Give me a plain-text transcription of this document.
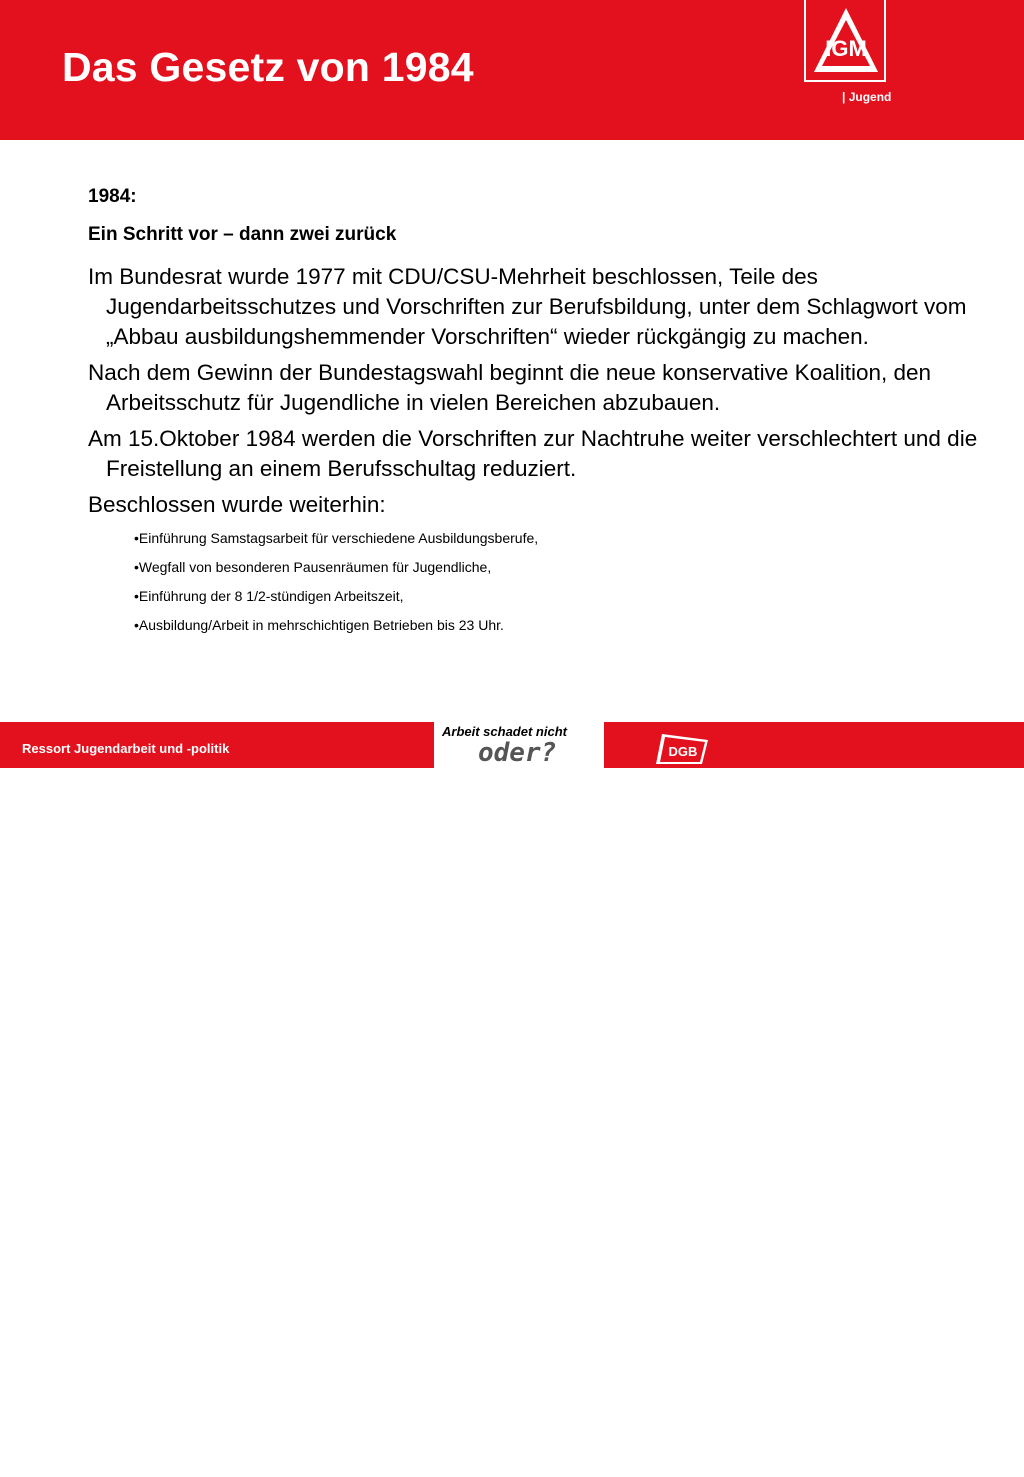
Das Gesetz von 1984	IGM
| Jugend

1984:

Ein Schritt vor – dann zwei zurück

Im Bundesrat wurde 1977 mit CDU/CSU-Mehrheit beschlossen, Teile des Jugendarbeitsschutzes und Vorschriften zur Berufsbildung, unter dem Schlagwort vom „Abbau ausbildungshemmender Vorschriften“ wieder rückgängig zu machen.

Nach dem Gewinn der Bundestagswahl beginnt die neue konservative Koalition, den Arbeitsschutz für Jugendliche in vielen Bereichen abzubauen.

Am 15.Oktober 1984 werden die Vorschriften zur Nachtruhe weiter verschlechtert und die Freistellung an einem Berufsschultag reduziert.

Beschlossen wurde weiterhin:

•Einführung Samstagsarbeit für verschiedene Ausbildungsberufe,
•Wegfall von besonderen Pausenräumen für Jugendliche,
•Einführung der 8 1/2-stündigen Arbeitszeit,
•Ausbildung/Arbeit in mehrschichtigen Betrieben bis 23 Uhr.
Ressort Jugendarbeit und -politik
8
Arbeit schadet nicht
oder?	DGB
